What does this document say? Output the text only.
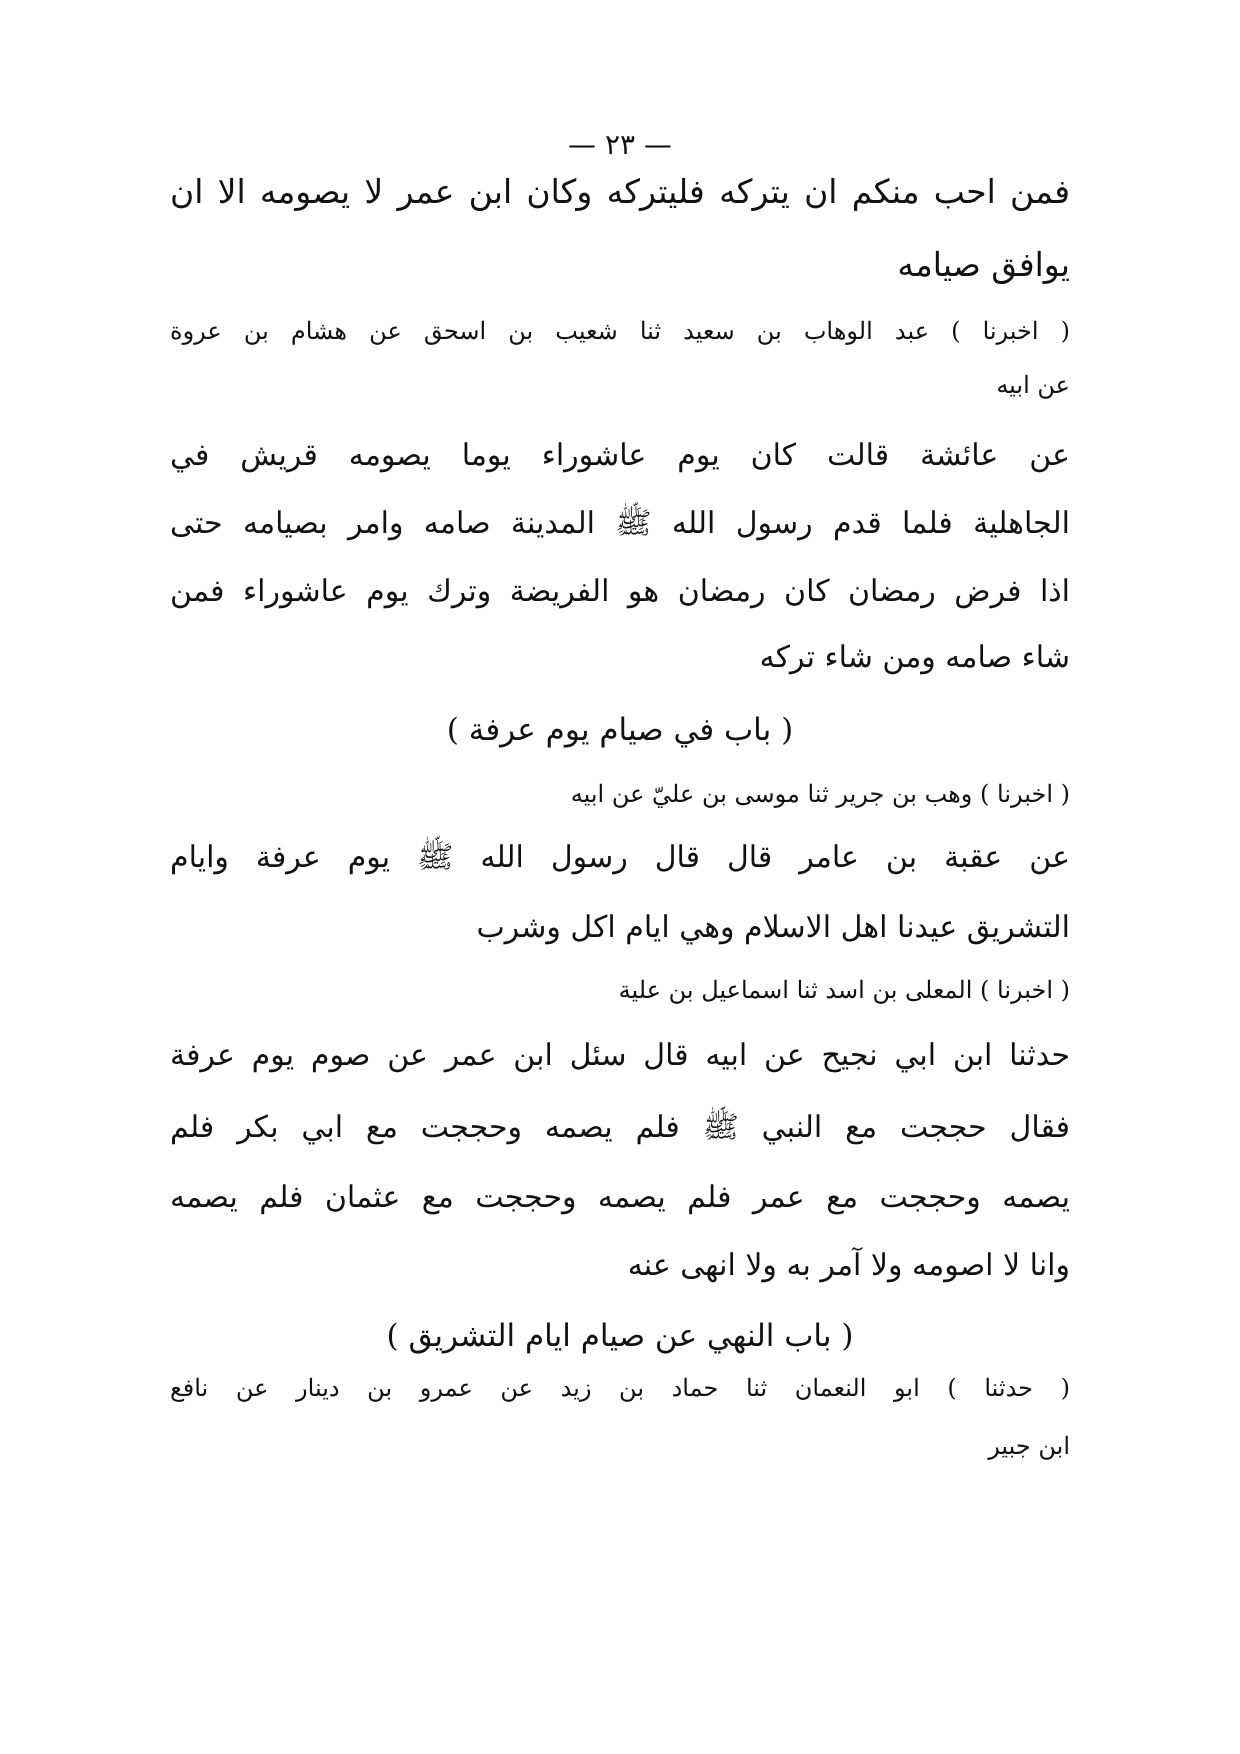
— ٢٣ —
فمن احب منكم ان يتركه فليتركه وكان ابن عمر لا يصومه الا ان
يوافق صيامه
( اخبرنا ) عبد الوهاب بن سعيد ثنا شعيب بن اسحق عن هشام بن عروة
عن ابيه
عن عائشة قالت كان يوم عاشوراء يوما يصومه قريش في
الجاهلية فلما قدم رسول الله ﷺ المدينة صامه وامر بصيامه حتى
اذا فرض رمضان كان رمضان هو الفريضة وترك يوم عاشوراء فمن
شاء صامه ومن شاء تركه
( باب في صيام يوم عرفة )
( اخبرنا ) وهب بن جرير ثنا موسى بن عليّ عن ابيه
عن عقبة بن عامر قال قال رسول الله ﷺ يوم عرفة وايام
التشريق عيدنا اهل الاسلام وهي ايام اكل وشرب
( اخبرنا ) المعلى بن اسد ثنا اسماعيل بن علية
حدثنا ابن ابي نجيح عن ابيه قال سئل ابن عمر عن صوم يوم عرفة
فقال حججت مع النبي ﷺ فلم يصمه وحججت مع ابي بكر فلم
يصمه وحججت مع عمر فلم يصمه وحججت مع عثمان فلم يصمه
وانا لا اصومه ولا آمر به ولا انهى عنه
( باب النهي عن صيام ايام التشريق )
( حدثنا ) ابو النعمان ثنا حماد بن زيد عن عمرو بن دينار عن نافع
ابن جبير
